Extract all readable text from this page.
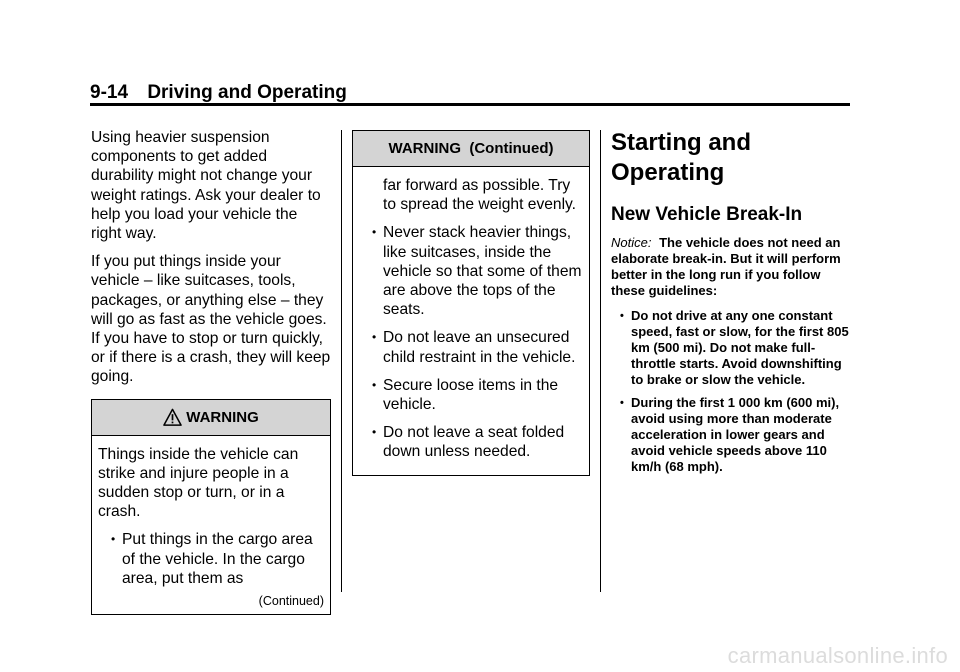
9-14 Driving and Operating

Using heavier suspension components to get added durability might not change your weight ratings. Ask your dealer to help you load your vehicle the right way.

If you put things inside your vehicle – like suitcases, tools, packages, or anything else – they will go as fast as the vehicle goes. If you have to stop or turn quickly, or if there is a crash, they will keep going.

WARNING

Things inside the vehicle can strike and injure people in a sudden stop or turn, or in a crash.

• Put things in the cargo area of the vehicle. In the cargo area, put them as
(Continued)
WARNING  (Continued)
far forward as possible. Try to spread the weight evenly.
• Never stack heavier things, like suitcases, inside the vehicle so that some of them are above the tops of the seats.
• Do not leave an unsecured child restraint in the vehicle.
• Secure loose items in the vehicle.
• Do not leave a seat folded down unless needed.
Starting and Operating
New Vehicle Break-In

Notice: The vehicle does not need an elaborate break-in. But it will perform better in the long run if you follow these guidelines:

• Do not drive at any one constant speed, fast or slow, for the first 805 km (500 mi). Do not make full-throttle starts. Avoid downshifting to brake or slow the vehicle.
• During the first 1 000 km (600 mi), avoid using more than moderate acceleration in lower gears and avoid vehicle speeds above 110 km/h (68 mph).
carmanualsonline.info
